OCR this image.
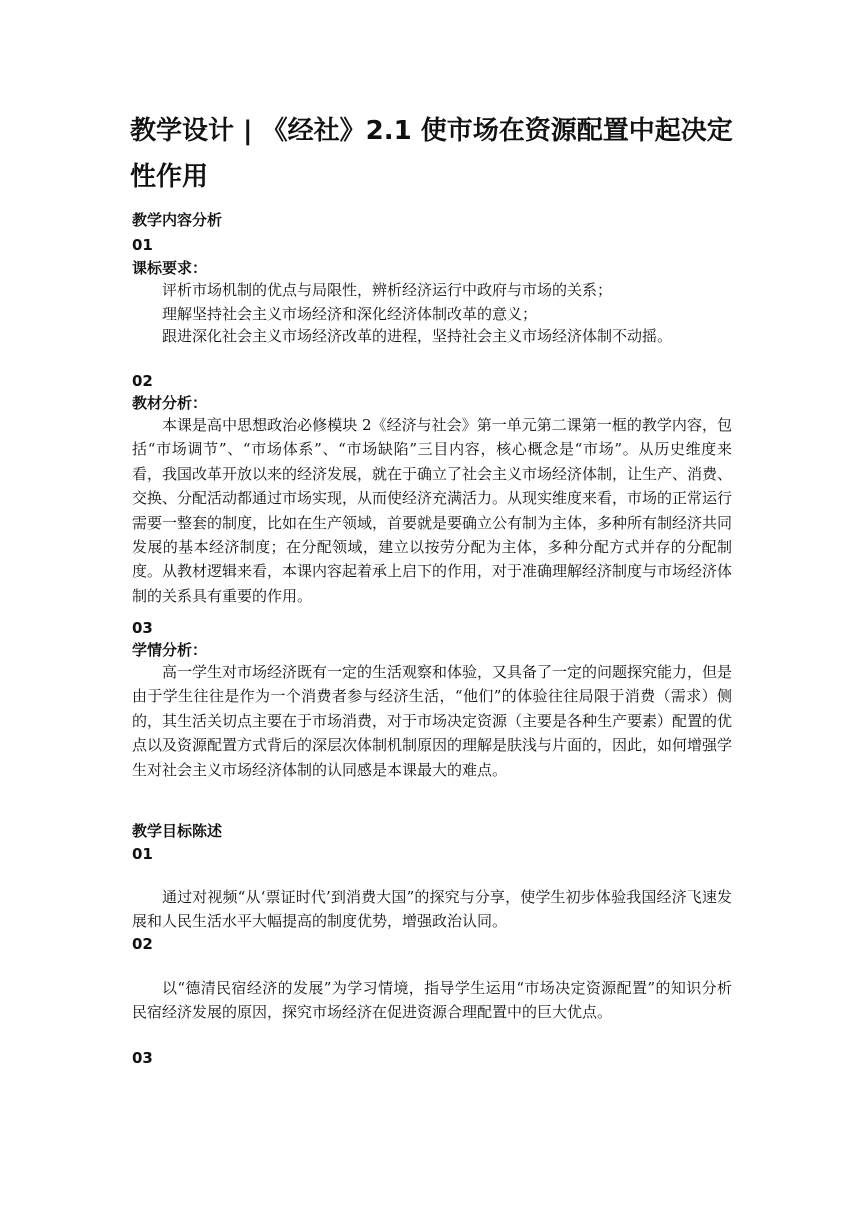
教学设计 | 《经社》2.1 使市场在资源配置中起决定性作用
教学内容分析
01
课标要求：
评析市场机制的优点与局限性，辨析经济运行中政府与市场的关系；
理解坚持社会主义市场经济和深化经济体制改革的意义；

跟进深化社会主义市场经济改革的进程，坚持社会主义市场经济体制不动摇。

02
教材分析：

本课是高中思想政治必修模块 2《经济与社会》第一单元第二课第一框的教学内容，包括“市场调节”、“市场体系”、“市场缺陷”三目内容，核心概念是“市场”。从历史维度来看，我国改革开放以来的经济发展，就在于确立了社会主义市场经济体制，让生产、消费、交换、分配活动都通过市场实现，从而使经济充满活力。从现实维度来看，市场的正常运行需要一整套的制度，比如在生产领域，首要就是要确立公有制为主体，多种所有制经济共同发展的基本经济制度；在分配领域，建立以按劳分配为主体，多种分配方式并存的分配制度。从教材逻辑来看，本课内容起着承上启下的作用，对于准确理解经济制度与市场经济体制的关系具有重要的作用。

03
学情分析：

高一学生对市场经济既有一定的生活观察和体验，又具备了一定的问题探究能力，但是由于学生往往是作为一个消费者参与经济生活，“他们”的体验往往局限于消费（需求）侧的，其生活关切点主要在于市场消费，对于市场决定资源（主要是各种生产要素）配置的优点以及资源配置方式背后的深层次体制机制原因的理解是肤浅与片面的，因此，如何增强学生对社会主义市场经济体制的认同感是本课最大的难点。

教学目标陈述
01

通过对视频“从‘票证时代’到消费大国”的探究与分享，使学生初步体验我国经济飞速发展和人民生活水平大幅提高的制度优势，增强政治认同。

02

以“德清民宿经济的发展”为学习情境，指导学生运用“市场决定资源配置”的知识分析民宿经济发展的原因，探究市场经济在促进资源合理配置中的巨大优点。

03
